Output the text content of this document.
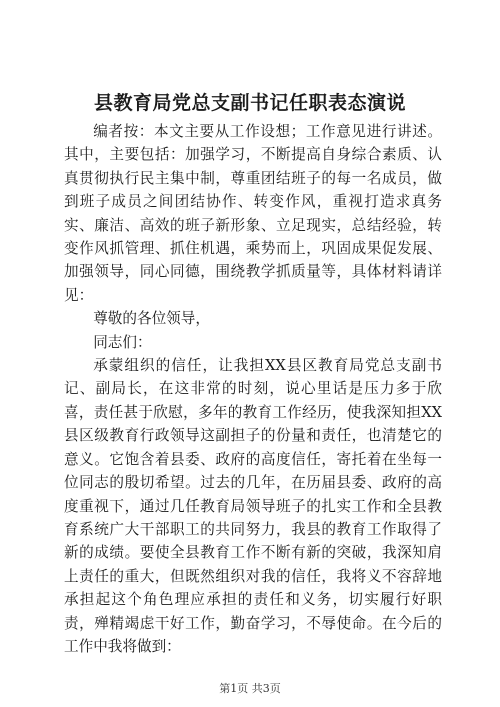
县教育局党总支副书记任职表态演说

编者按：本文主要从工作设想；工作意见进行讲述。其中，主要包括：加强学习，不断提高自身综合素质、认真贯彻执行民主集中制，尊重团结班子的每一名成员，做到班子成员之间团结协作、转变作风，重视打造求真务实、廉洁、高效的班子新形象、立足现实，总结经验，转变作风抓管理、抓住机遇，乘势而上，巩固成果促发展、加强领导，同心同德，围绕教学抓质量等，具体材料请详见：

尊敬的各位领导，

同志们：

承蒙组织的信任，让我担XX县区教育局党总支副书记、副局长，在这非常的时刻，说心里话是压力多于欣喜，责任甚于欣慰，多年的教育工作经历，使我深知担XX县区级教育行政领导这副担子的份量和责任，也清楚它的意义。它饱含着县委、政府的高度信任，寄托着在坐每一位同志的殷切希望。过去的几年，在历届县委、政府的高度重视下，通过几任教育局领导班子的扎实工作和全县教育系统广大干部职工的共同努力，我县的教育工作取得了新的成绩。要使全县教育工作不断有新的突破，我深知肩上责任的重大，但既然组织对我的信任，我将义不容辞地承担起这个角色理应承担的责任和义务，切实履行好职责，殚精竭虑干好工作，勤奋学习，不辱使命。在今后的工作中我将做到：

第1页 共3页
